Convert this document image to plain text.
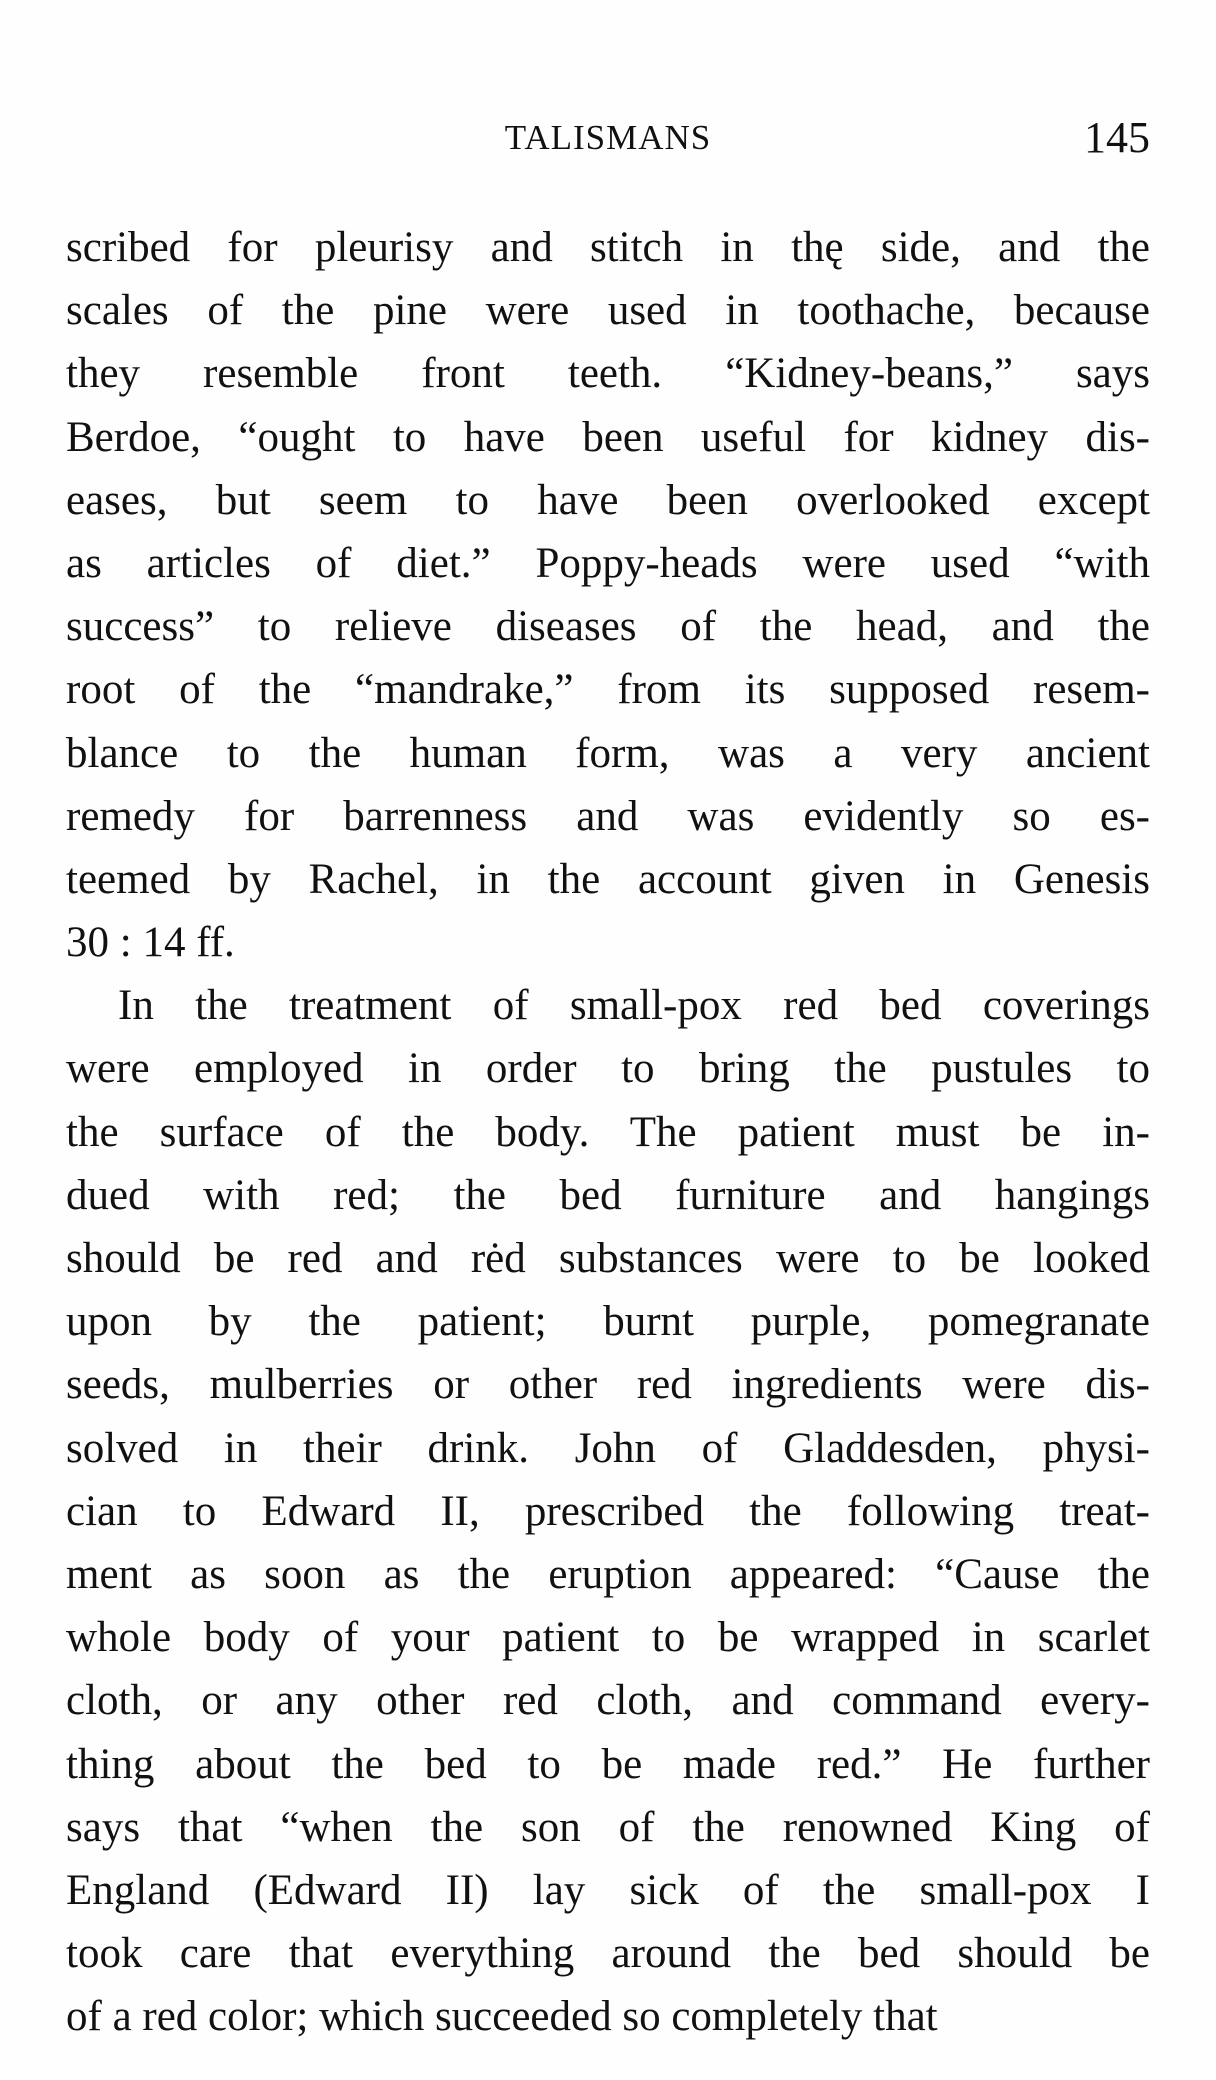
TALISMANS	145
scribed for pleurisy and stitch in thę side, and the
scales of the pine were used in toothache, because
they resemble front teeth. “Kidney-beans,” says
Berdoe, “ought to have been useful for kidney dis-
eases, but seem to have been overlooked except
as articles of diet.” Poppy-heads were used “with
success” to relieve diseases of the head, and the
root of the “mandrake,” from its supposed resem-
blance to the human form, was a very ancient
remedy for barrenness and was evidently so es-
teemed by Rachel, in the account given in Genesis
30 : 14 ff.
In the treatment of small-pox red bed coverings
were employed in order to bring the pustules to
the surface of the body. The patient must be in-
dued with red; the bed furniture and hangings
should be red and rėd substances were to be looked
upon by the patient; burnt purple, pomegranate
seeds, mulberries or other red ingredients were dis-
solved in their drink. John of Gladdesden, physi-
cian to Edward II, prescribed the following treat-
ment as soon as the eruption appeared: “Cause the
whole body of your patient to be wrapped in scarlet
cloth, or any other red cloth, and command every-
thing about the bed to be made red.” He further
says that “when the son of the renowned King of
England (Edward II) lay sick of the small-pox I
took care that everything around the bed should be
of a red color; which succeeded so completely that
